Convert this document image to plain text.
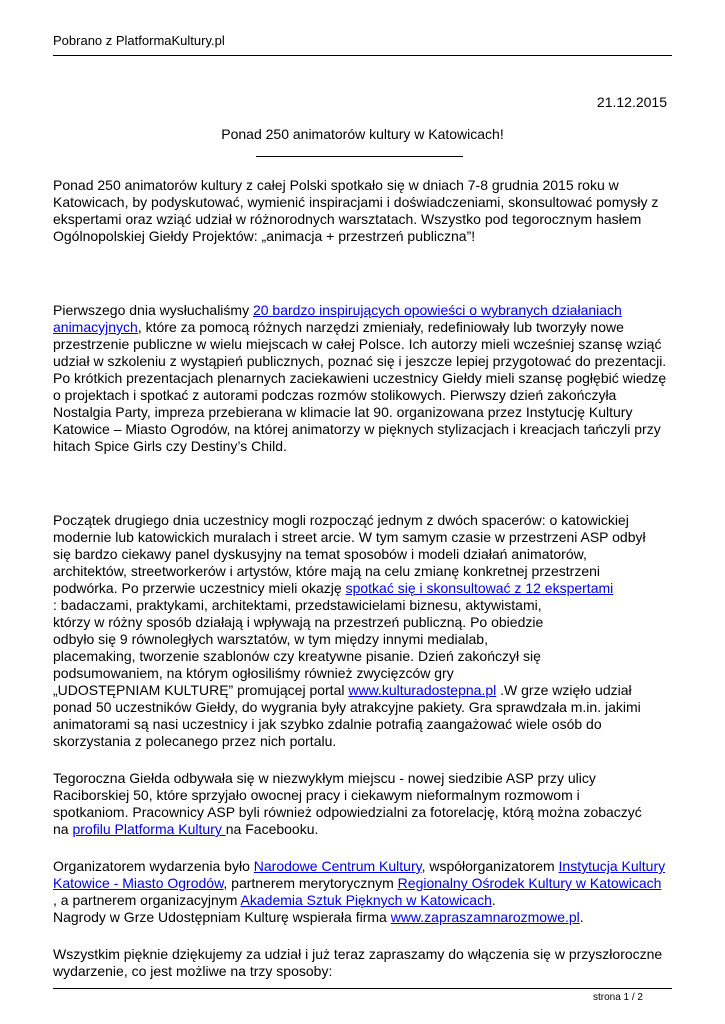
Pobrano z PlatformaKultury.pl
21.12.2015
Ponad 250 animatorów kultury w Katowicach!

Ponad 250 animatorów kultury z całej Polski spotkało się w dniach 7-8 grudnia 2015 roku w Katowicach, by podyskutować, wymienić inspiracjami i doświadczeniami, skonsultować pomysły z ekspertami oraz wziąć udział w różnorodnych warsztatach. Wszystko pod tegorocznym hasłem Ogólnopolskiej Giełdy Projektów: „animacja + przestrzeń publiczna”!

Pierwszego dnia wysłuchaliśmy 20 bardzo inspirujących opowieści o wybranych działaniach animacyjnych, które za pomocą różnych narzędzi zmieniały, redefiniowały lub tworzyły nowe przestrzenie publiczne w wielu miejscach w całej Polsce. Ich autorzy mieli wcześniej szansę wziąć udział w szkoleniu z wystąpień publicznych, poznać się i jeszcze lepiej przygotować do prezentacji. Po krótkich prezentacjach plenarnych zaciekawieni uczestnicy Giełdy mieli szansę pogłębić wiedzę o projektach i spotkać z autorami podczas rozmów stolikowych. Pierwszy dzień zakończyła Nostalgia Party, impreza przebierana w klimacie lat 90. organizowana przez Instytucję Kultury Katowice – Miasto Ogrodów, na której animatorzy w pięknych stylizacjach i kreacjach tańczyli przy hitach Spice Girls czy Destiny’s Child.

Początek drugiego dnia uczestnicy mogli rozpocząć jednym z dwóch spacerów: o katowickiej
modernie lub katowickich muralach i street arcie. W tym samym czasie w przestrzeni ASP odbył
się bardzo ciekawy panel dyskusyjny na temat sposobów i modeli działań animatorów,
architektów, streetworkerów i artystów, które mają na celu zmianę konkretnej przestrzeni
podwórka. Po przerwie uczestnicy mieli okazję spotkać się i skonsultować z 12 ekspertami
: badaczami, praktykami, architektami, przedstawicielami biznesu, aktywistami,
którzy w różny sposób działają i wpływają na przestrzeń publiczną. Po obiedzie
odbyło się 9 równoległych warsztatów, w tym między innymi medialab,
placemaking, tworzenie szablonów czy kreatywne pisanie. Dzień zakończył się
podsumowaniem, na którym ogłosiliśmy również zwycięzców gry
„UDOSTĘPNIAM KULTURĘ” promującej portal www.kulturadostepna.pl .W grze wzięło udział ponad 50 uczestników Giełdy, do wygrania były atrakcyjne pakiety. Gra sprawdzała m.in. jakimi animatorami są nasi uczestnicy i jak szybko zdalnie potrafią zaangażować wiele osób do skorzystania z polecanego przez nich portalu.

Tegoroczna Giełda odbywała się w niezwykłym miejscu - nowej siedzibie ASP przy ulicy
Raciborskiej 50, które sprzyjało owocnej pracy i ciekawym nieformalnym rozmowom i
spotkaniom. Pracownicy ASP byli również odpowiedzialni za fotorelację, którą można zobaczyć
na profilu Platforma Kultury na Facebooku.

Organizatorem wydarzenia było Narodowe Centrum Kultury, współorganizatorem Instytucja Kultury Katowice - Miasto Ogrodów, partnerem merytorycznym Regionalny Ośrodek Kultury w Katowicach
, a partnerem organizacyjnym Akademia Sztuk Pięknych w Katowicach.
Nagrody w Grze Udostępniam Kulturę wspierała firma www.zapraszamnarozmowe.pl.

Wszystkim pięknie dziękujemy za udział i już teraz zapraszamy do włączenia się w przyszłoroczne wydarzenie, co jest możliwe na trzy sposoby:

strona 1 / 2
